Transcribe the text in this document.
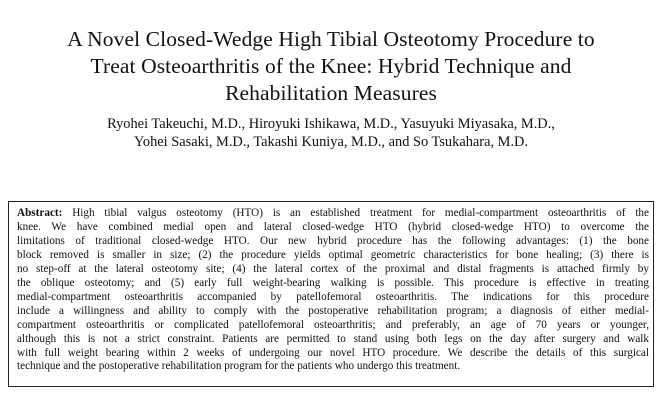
A Novel Closed-Wedge High Tibial Osteotomy Procedure to
Treat Osteoarthritis of the Knee: Hybrid Technique and
Rehabilitation Measures
Ryohei Takeuchi, M.D., Hiroyuki Ishikawa, M.D., Yasuyuki Miyasaka, M.D.,
Yohei Sasaki, M.D., Takashi Kuniya, M.D., and So Tsukahara, M.D.
Abstract: High tibial valgus osteotomy (HTO) is an established treatment for medial-compartment osteoarthritis of the
knee. We have combined medial open and lateral closed-wedge HTO (hybrid closed-wedge HTO) to overcome the
limitations of traditional closed-wedge HTO. Our new hybrid procedure has the following advantages: (1) the bone
block removed is smaller in size; (2) the procedure yields optimal geometric characteristics for bone healing; (3) there is
no step-off at the lateral osteotomy site; (4) the lateral cortex of the proximal and distal fragments is attached firmly by
the oblique osteotomy; and (5) early full weight-bearing walking is possible. This procedure is effective in treating
medial-compartment osteoarthritis accompanied by patellofemoral osteoarthritis. The indications for this procedure
include a willingness and ability to comply with the postoperative rehabilitation program; a diagnosis of either medial-
compartment osteoarthritis or complicated patellofemoral osteoarthritis; and preferably, an age of 70 years or younger,
although this is not a strict constraint. Patients are permitted to stand using both legs on the day after surgery and walk
with full weight bearing within 2 weeks of undergoing our novel HTO procedure. We describe the details of this surgical
technique and the postoperative rehabilitation program for the patients who undergo this treatment.
